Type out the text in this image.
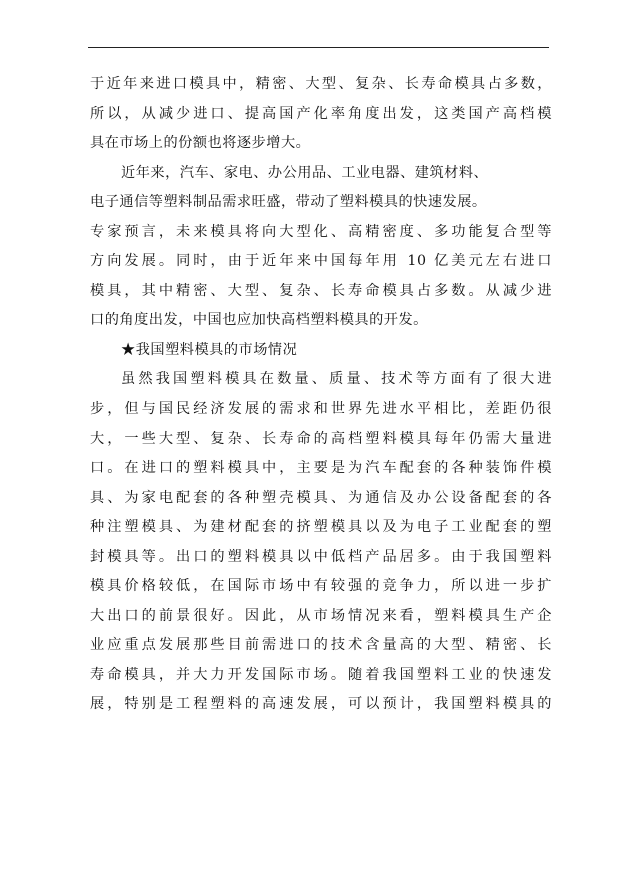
于近年来进口模具中，精密、大型、复杂、长寿命模具占多数，
所以，从减少进口、提高国产化率角度出发，这类国产高档模
具在市场上的份额也将逐步增大。
近年来，汽车、家电、办公用品、工业电器、建筑材料、
电子通信等塑料制品需求旺盛，带动了塑料模具的快速发展。
专家预言，未来模具将向大型化、高精密度、多功能复合型等
方向发展。同时，由于近年来中国每年用 10 亿美元左右进口
模具，其中精密、大型、复杂、长寿命模具占多数。从减少进
口的角度出发，中国也应加快高档塑料模具的开发。
★我国塑料模具的市场情况
虽然我国塑料模具在数量、质量、技术等方面有了很大进
步，但与国民经济发展的需求和世界先进水平相比，差距仍很
大，一些大型、复杂、长寿命的高档塑料模具每年仍需大量进
口。在进口的塑料模具中，主要是为汽车配套的各种装饰件模
具、为家电配套的各种塑壳模具、为通信及办公设备配套的各
种注塑模具、为建材配套的挤塑模具以及为电子工业配套的塑
封模具等。出口的塑料模具以中低档产品居多。由于我国塑料
模具价格较低，在国际市场中有较强的竞争力，所以进一步扩
大出口的前景很好。因此，从市场情况来看，塑料模具生产企
业应重点发展那些目前需进口的技术含量高的大型、精密、长
寿命模具，并大力开发国际市场。随着我国塑料工业的快速发
展，特别是工程塑料的高速发展，可以预计，我国塑料模具的
